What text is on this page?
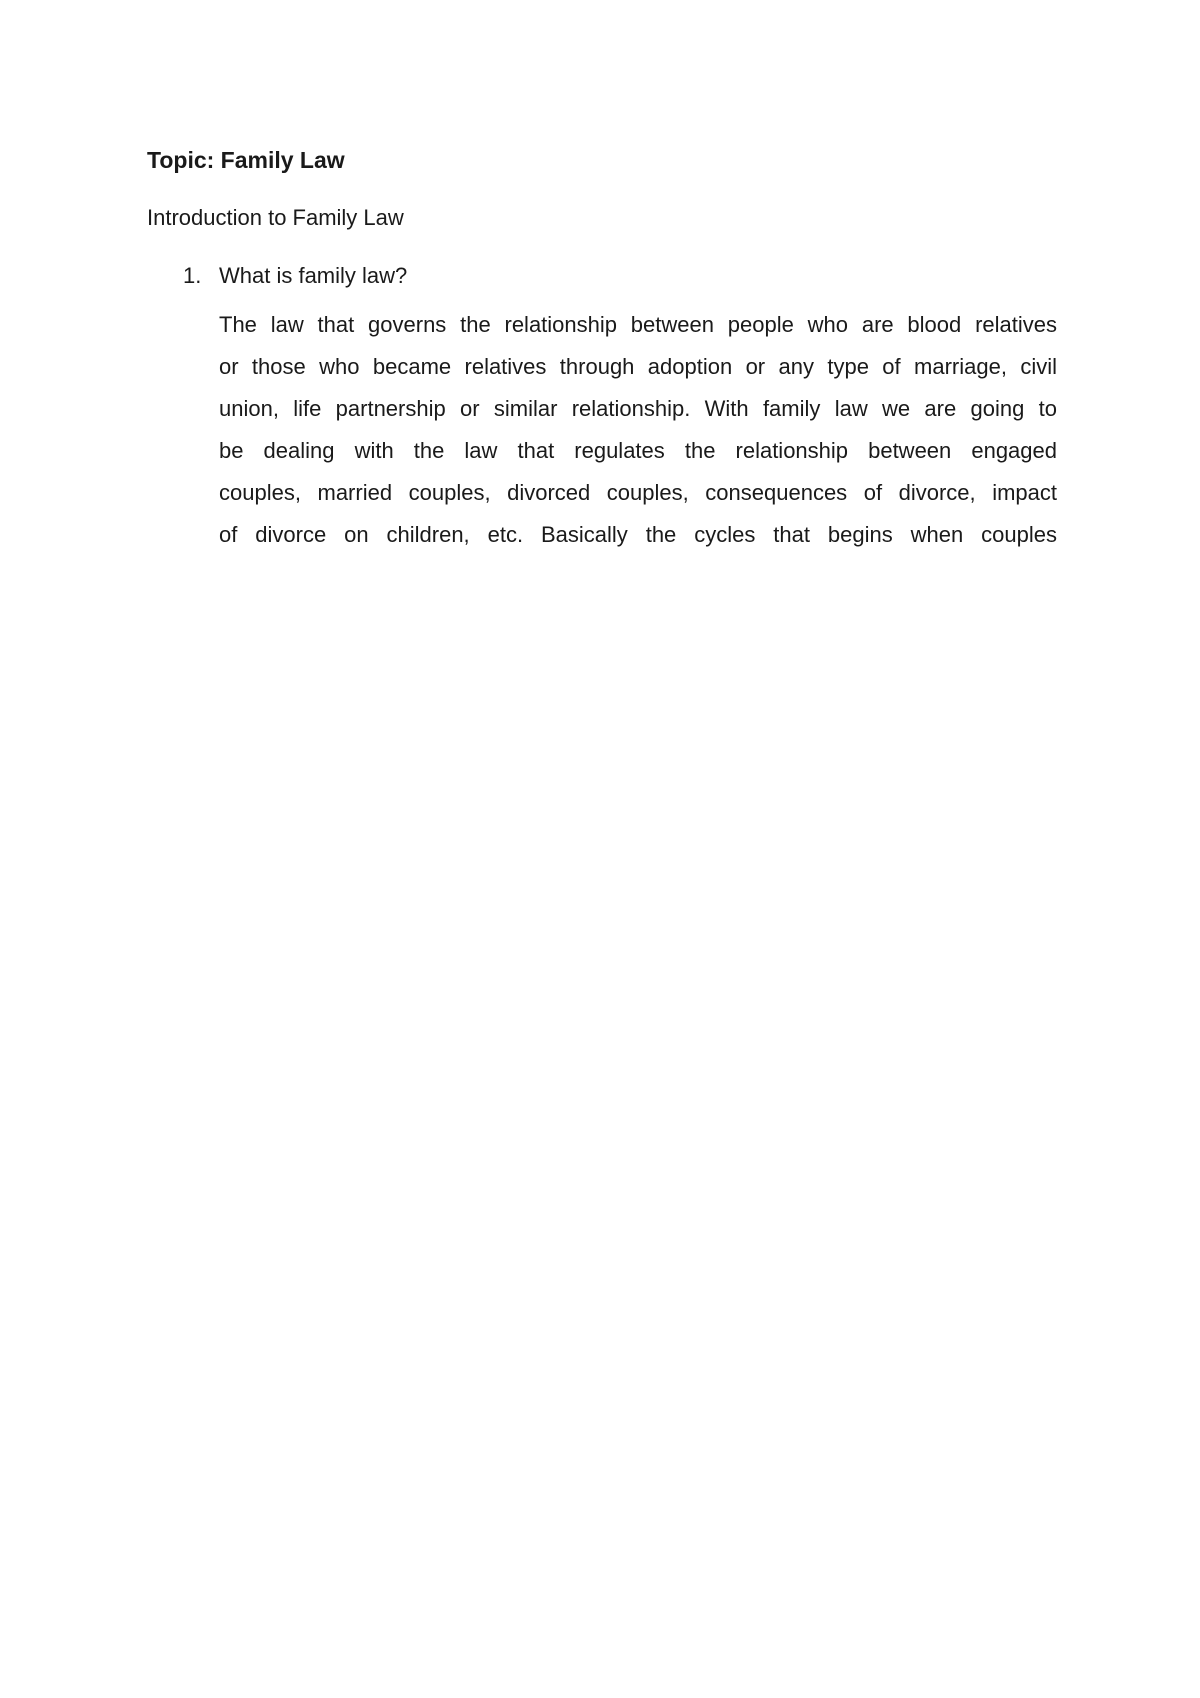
Topic: Family Law

Introduction to Family Law

1. What is family law?
The law that governs the relationship between people who are blood relatives
or those who became relatives through adoption or any type of marriage, civil
union, life partnership or similar relationship. With family law we are going to
be dealing with the law that regulates the relationship between engaged
couples, married couples, divorced couples, consequences of divorce, impact
of divorce on children, etc. Basically the cycles that begins when couples
